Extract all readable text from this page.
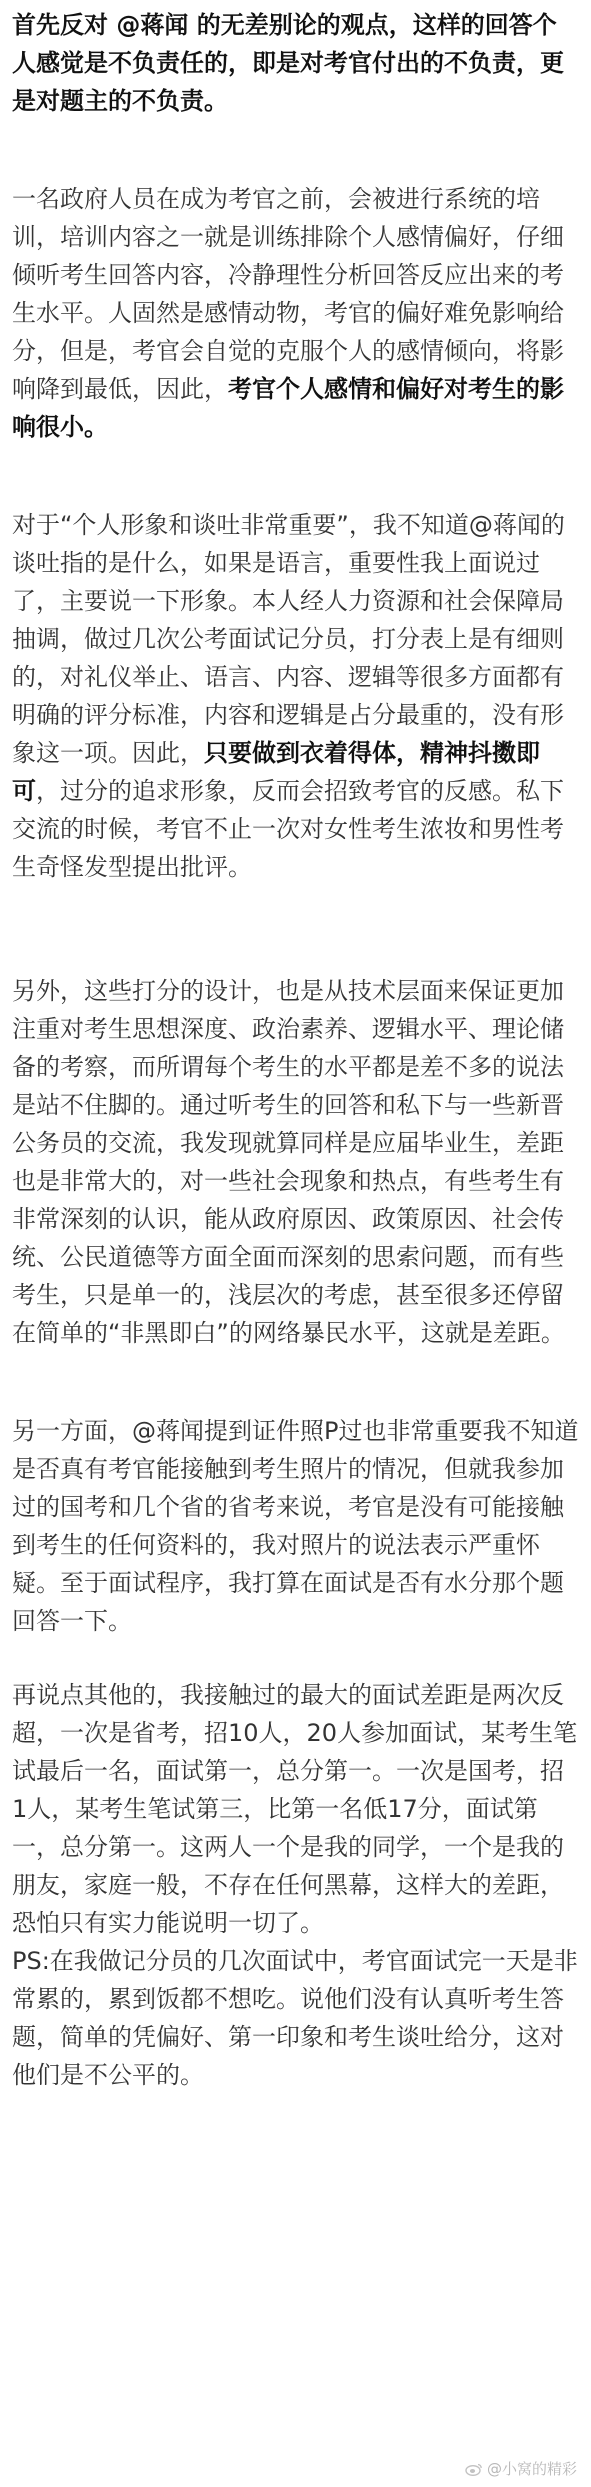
首先反对 @蒋闻 的无差别论的观点，这样的回答个人感觉是不负责任的，即是对考官付出的不负责，更是对题主的不负责。

一名政府人员在成为考官之前，会被进行系统的培训，培训内容之一就是训练排除个人感情偏好，仔细倾听考生回答内容，冷静理性分析回答反应出来的考生水平。人固然是感情动物，考官的偏好难免影响给分，但是，考官会自觉的克服个人的感情倾向，将影响降到最低，因此，考官个人感情和偏好对考生的影响很小。

对于“个人形象和谈吐非常重要”，我不知道@蒋闻的谈吐指的是什么，如果是语言，重要性我上面说过了，主要说一下形象。本人经人力资源和社会保障局抽调，做过几次公考面试记分员，打分表上是有细则的，对礼仪举止、语言、内容、逻辑等很多方面都有明确的评分标准，内容和逻辑是占分最重的，没有形象这一项。因此，只要做到衣着得体，精神抖擞即可，过分的追求形象，反而会招致考官的反感。私下交流的时候，考官不止一次对女性考生浓妆和男性考生奇怪发型提出批评。

另外，这些打分的设计，也是从技术层面来保证更加注重对考生思想深度、政治素养、逻辑水平、理论储备的考察，而所谓每个考生的水平都是差不多的说法是站不住脚的。通过听考生的回答和私下与一些新晋公务员的交流，我发现就算同样是应届毕业生，差距也是非常大的，对一些社会现象和热点，有些考生有非常深刻的认识，能从政府原因、政策原因、社会传统、公民道德等方面全面而深刻的思索问题，而有些考生，只是单一的，浅层次的考虑，甚至很多还停留在简单的“非黑即白”的网络暴民水平，这就是差距。

另一方面，@蒋闻提到证件照P过也非常重要我不知道是否真有考官能接触到考生照片的情况，但就我参加过的国考和几个省的省考来说，考官是没有可能接触到考生的任何资料的，我对照片的说法表示严重怀疑。至于面试程序，我打算在面试是否有水分那个题回答一下。

再说点其他的，我接触过的最大的面试差距是两次反超，一次是省考，招10人，20人参加面试，某考生笔试最后一名，面试第一，总分第一。一次是国考，招1人，某考生笔试第三，比第一名低17分，面试第一，总分第一。这两人一个是我的同学，一个是我的朋友，家庭一般，不存在任何黑幕，这样大的差距，恐怕只有实力能说明一切了。

PS:在我做记分员的几次面试中，考官面试完一天是非常累的，累到饭都不想吃。说他们没有认真听考生答题，简单的凭偏好、第一印象和考生谈吐给分，这对他们是不公平的。

@小窝的精彩
